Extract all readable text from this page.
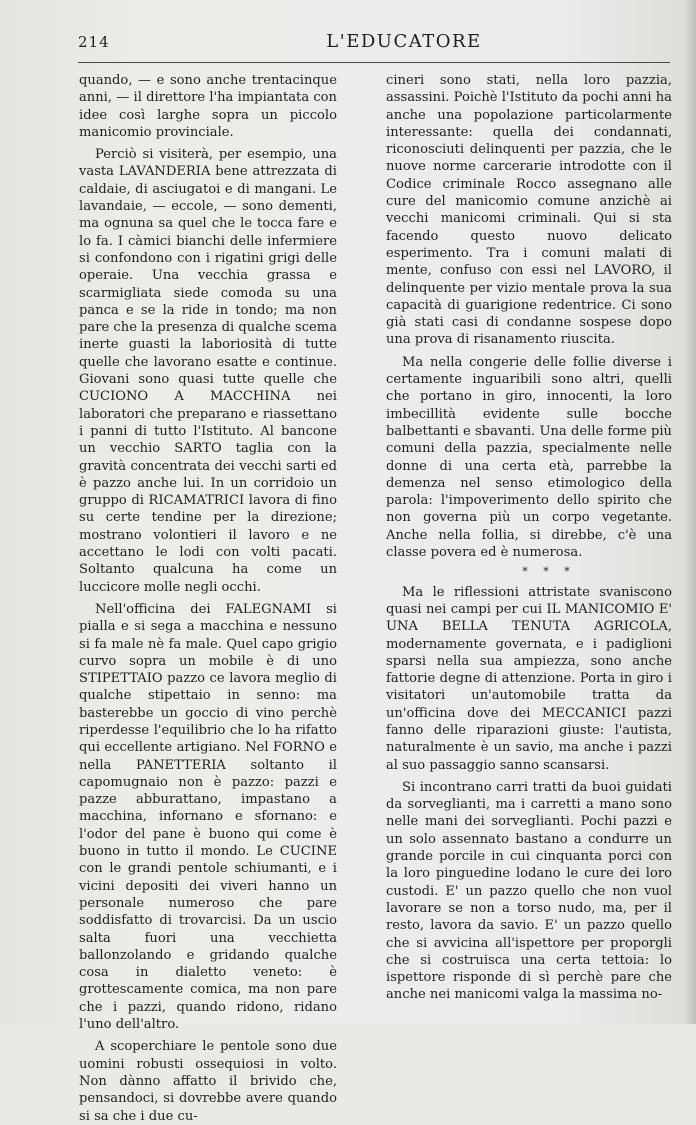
214	L'EDUCATORE

quando, — e sono anche trentacinque anni, — il direttore l'ha impiantata con idee così larghe sopra un piccolo manicomio provinciale.

Perciò si visiterà, per esempio, una vasta LAVANDERIA bene attrezzata di caldaie, di asciugatoi e di mangani. Le lavandaie, — eccole, — sono dementi, ma ognuna sa quel che le tocca fare e lo fa. I càmici bianchi delle infermiere si confondono con i rigatini grigi delle operaie. Una vecchia grassa e scarmigliata siede comoda su una panca e se la ride in tondo; ma non pare che la presenza di qualche scema inerte guasti la laboriosità di tutte quelle che lavorano esatte e continue. Giovani sono quasi tutte quelle che CUCIONO A MACCHINA nei laboratori che preparano e riassettano i panni di tutto l'Istituto. Al bancone un vecchio SARTO taglia con la gravità concentrata dei vecchi sarti ed è pazzo anche lui. In un corridoio un gruppo di RICAMATRICI lavora di fino su certe tendine per la direzione; mostrano volontieri il lavoro e ne accettano le lodi con volti pacati. Soltanto qualcuna ha come un luccicore molle negli occhi.

Nell'officina dei FALEGNAMI si pialla e si sega a macchina e nessuno si fa male nè fa male. Quel capo grigio curvo sopra un mobile è di uno STIPETTAIO pazzo ce lavora meglio di qualche stipettaio in senno: ma basterebbe un goccio di vino perchè riperdesse l'equilibrio che lo ha rifatto qui eccellente artigiano. Nel FORNO e nella PANETTERIA soltanto il capomugnaio non è pazzo: pazzi e pazze abburattano, impastano a macchina, infornano e sfornano: e l'odor del pane è buono qui come è buono in tutto il mondo. Le CUCINE con le grandi pentole schiumanti, e i vicini depositi dei viveri hanno un personale numeroso che pare soddisfatto di trovarcisi. Da un uscio salta fuori una vecchietta ballonzolando e gridando qualche cosa in dialetto veneto: è grottescamente comica, ma non pare che i pazzi, quando ridono, ridano l'uno dell'altro.

A scoperchiare le pentole sono due uomini robusti ossequiosi in volto. Non dànno affatto il brivido che, pensandoci, si dovrebbe avere quando si sa che i due cu-

cineri sono stati, nella loro pazzia, assassini. Poichè l'Istituto da pochi anni ha anche una popolazione particolarmente interessante: quella dei condannati, riconosciuti delinquenti per pazzia, che le nuove norme carcerarie introdotte con il Codice criminale Rocco assegnano alle cure del manicomio comune anzichè ai vecchi manicomi criminali. Qui si sta facendo questo nuovo delicato esperimento. Tra i comuni malati di mente, confuso con essi nel LAVORO, il delinquente per vizio mentale prova la sua capacità di guarigione redentrice. Ci sono già stati casi di condanne sospese dopo una prova di risanamento riuscita.

Ma nella congerie delle follie diverse i certamente inguaribili sono altri, quelli che portano in giro, innocenti, la loro imbecillità evidente sulle bocche balbettanti e sbavanti. Una delle forme più comuni della pazzia, specialmente nelle donne di una certa età, parrebbe la demenza nel senso etimologico della parola: l'impoverimento dello spirito che non governa più un corpo vegetante. Anche nella follia, si direbbe, c'è una classe povera ed è numerosa.

* * *

Ma le riflessioni attristate svaniscono quasi nei campi per cui IL MANICOMIO E' UNA BELLA TENUTA AGRICOLA, modernamente governata, e i padiglioni sparsi nella sua ampiezza, sono anche fattorie degne di attenzione. Porta in giro i visitatori un'automobile tratta da un'officina dove dei MECCANICI pazzi fanno delle riparazioni giuste: l'autista, naturalmente è un savio, ma anche i pazzi al suo passaggio sanno scansarsi.

Si incontrano carri tratti da buoi guidati da sorveglianti, ma i carretti a mano sono nelle mani dei sorveglianti. Pochi pazzi e un solo assennato bastano a condurre un grande porcile in cui cinquanta porci con la loro pinguedine lodano le cure dei loro custodi. E' un pazzo quello che non vuol lavorare se non a torso nudo, ma, per il resto, lavora da savio. E' un pazzo quello che si avvicina all'ispettore per proporgli che si costruisca una certa tettoia: lo ispettore risponde di sì perchè pare che anche nei manicomi valga la massima no-
